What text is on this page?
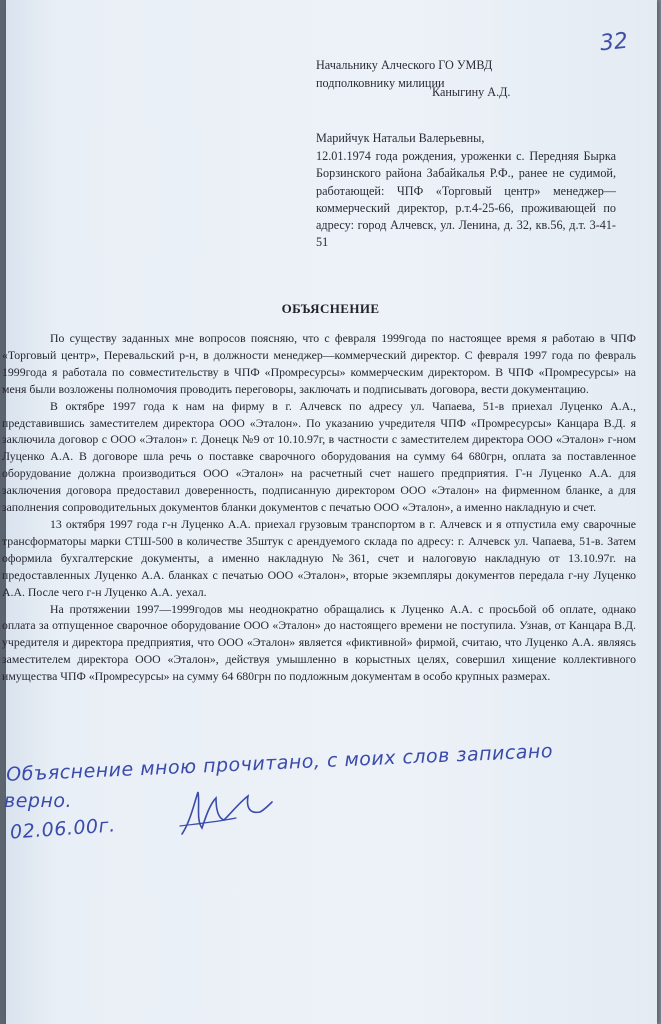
32
Начальнику Алческого ГО УМВД
подполковнику милиции
Каныгину А.Д.
Марийчук Натальи Валерьевны,
12.01.1974 года рождения, уроженки с. Передняя Бырка Борзинского района Забайкалья Р.Ф., ранее не судимой, работающей: ЧПФ «Торговый центр» менеджер—коммерческий директор, р.т.4-25-66, проживающей по адресу: город Алчевск, ул. Ленина, д. 32, кв.56, д.т. 3-41-51
ОБЪЯСНЕНИЕ

По существу заданных мне вопросов поясняю, что с февраля 1999года по настоящее время я работаю в ЧПФ «Торговый центр», Перевальский р-н, в должности менеджер—коммерческий директор. С февраля 1997 года по февраль 1999года я работала по совместительству в ЧПФ «Промресурсы» коммерческим директором. В ЧПФ «Промресурсы» на меня были возложены полномочия проводить переговоры, заключать и подписывать договора, вести документацию.

В октябре 1997 года к нам на фирму в г. Алчевск по адресу ул. Чапаева, 51-в приехал Луценко А.А., представившись заместителем директора ООО «Эталон». По указанию учредителя ЧПФ «Промресурсы» Канцара В.Д. я заключила договор с ООО «Эталон» г. Донецк №9 от 10.10.97г, в частности с заместителем директора ООО «Эталон» г-ном Луценко А.А. В договоре шла речь о поставке сварочного оборудования на сумму 64 680грн, оплата за поставленное оборудование должна производиться ООО «Эталон» на расчетный счет нашего предприятия. Г-н Луценко А.А. для заключения договора предоставил доверенность, подписанную директором ООО «Эталон» на фирменном бланке, а для заполнения сопроводительных документов бланки документов с печатью ООО «Эталон», а именно накладную и счет.

13 октября 1997 года г-н Луценко А.А. приехал грузовым транспортом в г. Алчевск и я отпустила ему сварочные трансформаторы марки СТШ-500 в количестве 35штук с арендуемого склада по адресу: г. Алчевск ул. Чапаева, 51-в. Затем оформила бухгалтерские документы, а именно накладную №361, счет и налоговую накладную от 13.10.97г. на предоставленных Луценко А.А. бланках с печатью ООО «Эталон», вторые экземпляры документов передала г-ну Луценко А.А. После чего г-н Луценко А.А. уехал.

На протяжении 1997—1999годов мы неоднократно обращались к Луценко А.А. с просьбой об оплате, однако оплата за отпущенное сварочное оборудование ООО «Эталон» до настоящего времени не поступила. Узнав, от Канцара В.Д. учредителя и директора предприятия, что ООО «Эталон» является «фиктивной» фирмой, считаю, что Луценко А.А. являясь заместителем директора ООО «Эталон», действуя умышленно в корыстных целях, совершил хищение коллективного имущества ЧПФ «Промресурсы» на сумму 64 680грн по подложным документам в особо крупных размерах.

Объяснение мною прочитано, с моих слов записано
верно.
02.06.00г.
